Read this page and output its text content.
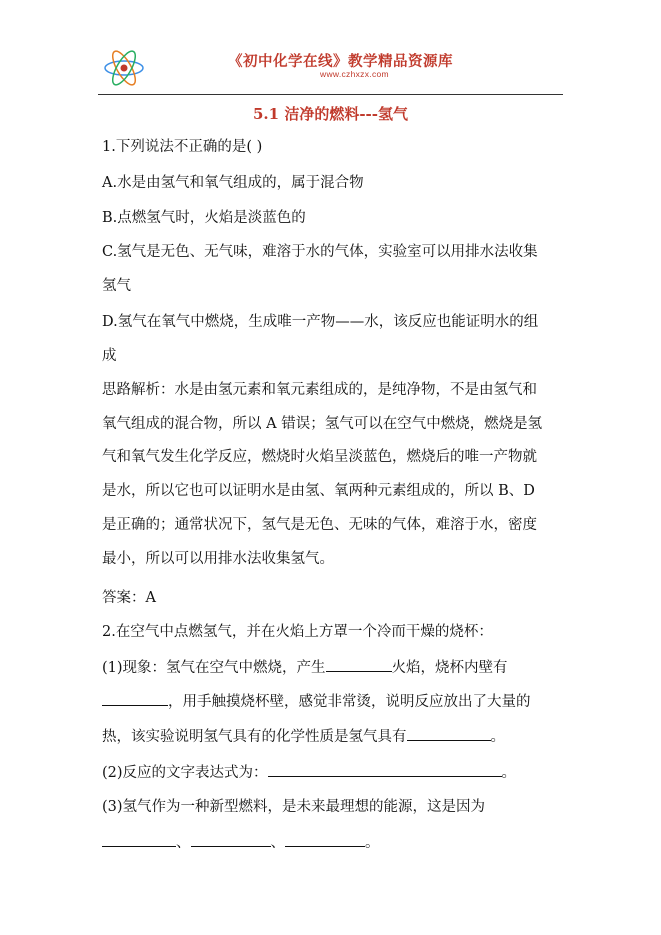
《初中化学在线》教学精品资源库
www.czhxzx.com
5.1 洁净的燃料---氢气
1.下列说法不正确的是( )
A.水是由氢气和氧气组成的，属于混合物
B.点燃氢气时，火焰是淡蓝色的
C.氢气是无色、无气味，难溶于水的气体，实验室可以用排水法收集
氢气
D.氢气在氧气中燃烧，生成唯一产物——水，该反应也能证明水的组
成
思路解析：水是由氢元素和氧元素组成的，是纯净物，不是由氢气和
氧气组成的混合物，所以 A 错误；氢气可以在空气中燃烧，燃烧是氢
气和氧气发生化学反应，燃烧时火焰呈淡蓝色，燃烧后的唯一产物就
是水，所以它也可以证明水是由氢、氧两种元素组成的，所以 B、D
是正确的；通常状况下，氢气是无色、无味的气体，难溶于水，密度
最小，所以可以用排水法收集氢气。
答案：A
2.在空气中点燃氢气，并在火焰上方罩一个冷而干燥的烧杯：
(1)现象：氢气在空气中燃烧，产生	火焰，烧杯内壁有
，用手触摸烧杯壁，感觉非常烫，说明反应放出了大量的
热，该实验说明氢气具有的化学性质是氢气具有	。
(2)反应的文字表达式为：	。
(3)氢气作为一种新型燃料，是未来最理想的能源，这是因为
、	、	。
